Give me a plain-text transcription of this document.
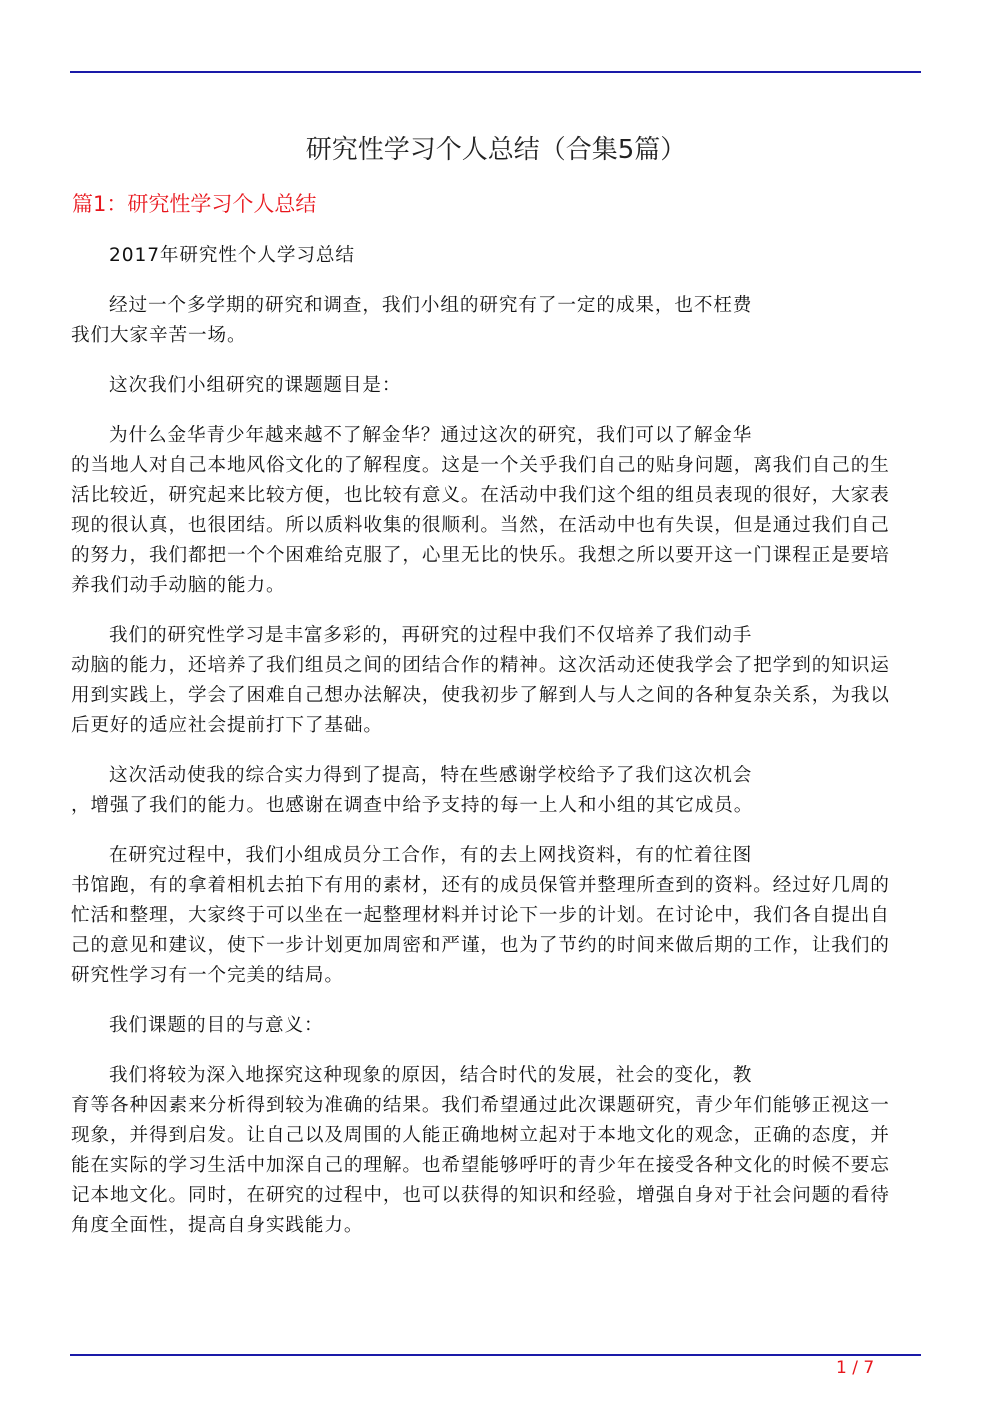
研究性学习个人总结（合集5篇）
篇1：研究性学习个人总结
2017年研究性个人学习总结
经过一个多学期的研究和调查，我们小组的研究有了一定的成果，也不枉费
我们大家辛苦一场。
这次我们小组研究的课题题目是：
为什么金华青少年越来越不了解金华？通过这次的研究，我们可以了解金华
的当地人对自己本地风俗文化的了解程度。这是一个关乎我们自己的贴身问题，离我们自己的生
活比较近，研究起来比较方便，也比较有意义。在活动中我们这个组的组员表现的很好，大家表
现的很认真，也很团结。所以质料收集的很顺利。当然，在活动中也有失误，但是通过我们自己
的努力，我们都把一个个困难给克服了，心里无比的快乐。我想之所以要开这一门课程正是要培
养我们动手动脑的能力。
我们的研究性学习是丰富多彩的，再研究的过程中我们不仅培养了我们动手
动脑的能力，还培养了我们组员之间的团结合作的精神。这次活动还使我学会了把学到的知识运
用到实践上，学会了困难自己想办法解决，使我初步了解到人与人之间的各种复杂关系，为我以
后更好的适应社会提前打下了基础。
这次活动使我的综合实力得到了提高，特在些感谢学校给予了我们这次机会
，增强了我们的能力。也感谢在调查中给予支持的每一上人和小组的其它成员。
在研究过程中，我们小组成员分工合作，有的去上网找资料，有的忙着往图
书馆跑，有的拿着相机去拍下有用的素材，还有的成员保管并整理所查到的资料。经过好几周的
忙活和整理，大家终于可以坐在一起整理材料并讨论下一步的计划。在讨论中，我们各自提出自
己的意见和建议，使下一步计划更加周密和严谨，也为了节约的时间来做后期的工作，让我们的
研究性学习有一个完美的结局。
我们课题的目的与意义：
我们将较为深入地探究这种现象的原因，结合时代的发展，社会的变化，教
育等各种因素来分析得到较为准确的结果。我们希望通过此次课题研究，青少年们能够正视这一
现象，并得到启发。让自己以及周围的人能正确地树立起对于本地文化的观念，正确的态度，并
能在实际的学习生活中加深自己的理解。也希望能够呼吁的青少年在接受各种文化的时候不要忘
记本地文化。同时，在研究的过程中，也可以获得的知识和经验，增强自身对于社会问题的看待
角度全面性，提高自身实践能力。
1 / 7
